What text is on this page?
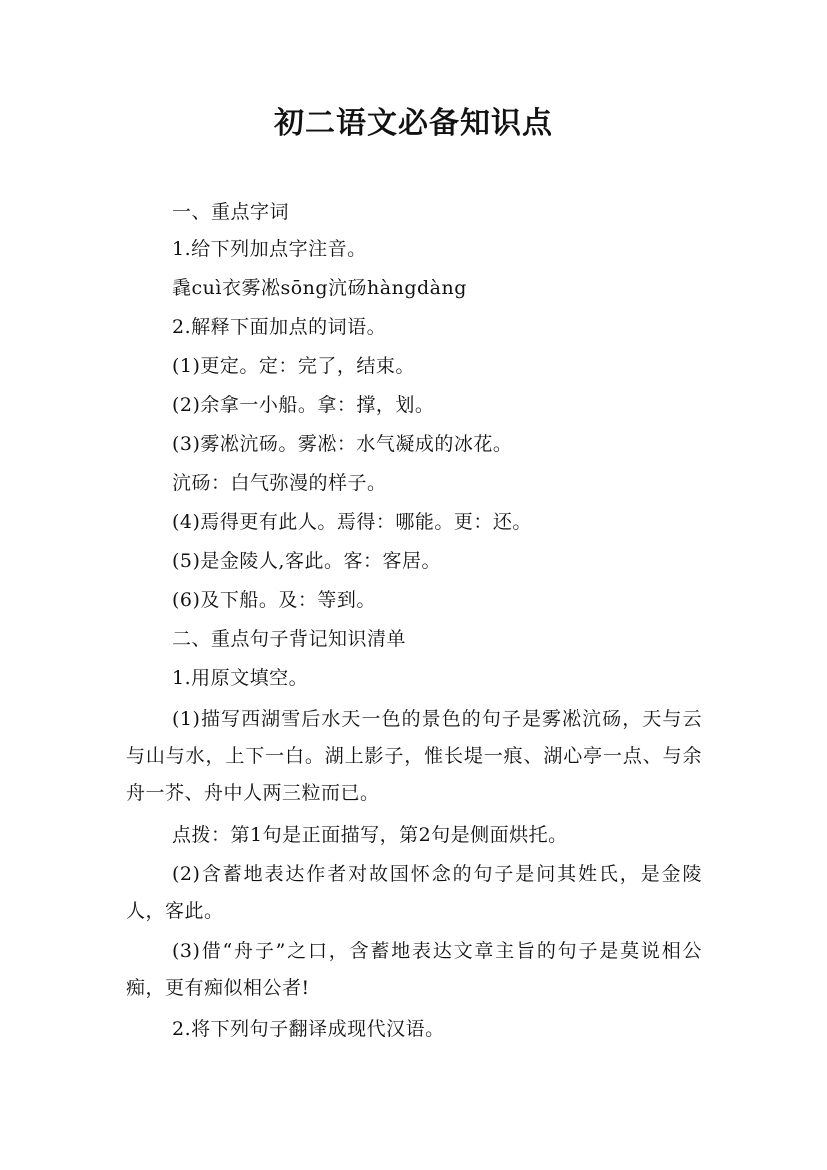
初二语文必备知识点
一、重点字词
1.给下列加点字注音。
毳cuì衣雾凇sōng沆砀hàngdàng
2.解释下面加点的词语。
(1)更定。定：完了，结束。
(2)余拿一小船。拿：撑，划。
(3)雾凇沆砀。雾凇：水气凝成的冰花。
沆砀：白气弥漫的样子。
(4)焉得更有此人。焉得：哪能。更：还。
(5)是金陵人,客此。客：客居。
(6)及下船。及：等到。
二、重点句子背记知识清单
1.用原文填空。
(1)描写西湖雪后水天一色的景色的句子是雾凇沆砀，天与云与山与水，上下一白。湖上影子，惟长堤一痕、湖心亭一点、与余舟一芥、舟中人两三粒而已。
点拨：第1句是正面描写，第2句是侧面烘托。
(2)含蓄地表达作者对故国怀念的句子是问其姓氏，是金陵人，客此。
(3)借“舟子”之口，含蓄地表达文章主旨的句子是莫说相公痴，更有痴似相公者!
2.将下列句子翻译成现代汉语。
